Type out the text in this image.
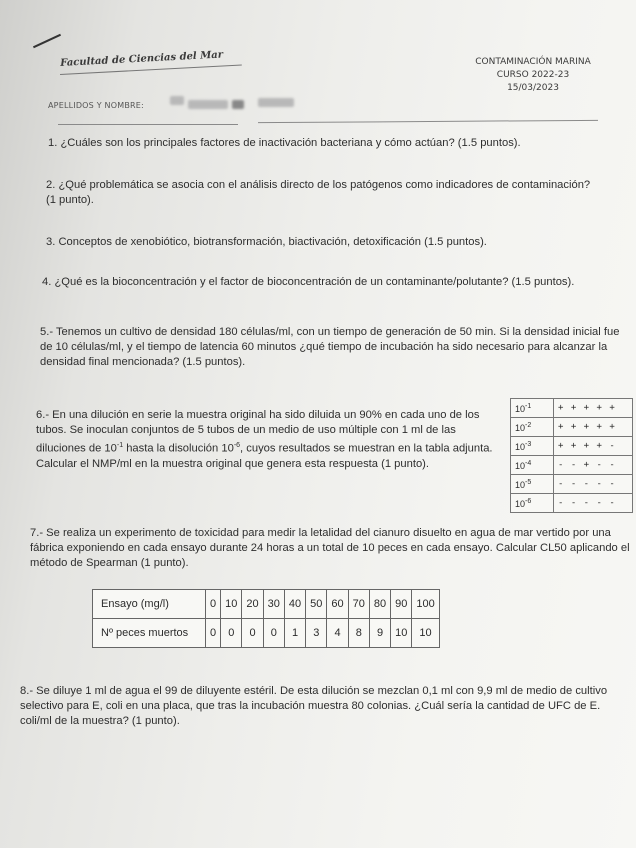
Facultad de Ciencias del Mar	CONTAMINACIÓN MARINA
CURSO 2022-23
15/03/2023
APELLIDOS Y NOMBRE:
1. ¿Cuáles son los principales factores de inactivación bacteriana y cómo actúan? (1.5 puntos).
2. ¿Qué problemática se asocia con el análisis directo de los patógenos como indicadores de contaminación? (1 punto).
3. Conceptos de xenobiótico, biotransformación, biactivación, detoxificación (1.5 puntos).
4. ¿Qué es la bioconcentración y el factor de bioconcentración de un contaminante/polutante? (1.5 puntos).
5.- Tenemos un cultivo de densidad 180 células/ml, con un tiempo de generación de 50 min. Si la densidad inicial fue de 10 células/ml, y el tiempo de latencia 60 minutos ¿qué tiempo de incubación ha sido necesario para alcanzar la densidad final mencionada? (1.5 puntos).
6.- En una dilución en serie la muestra original ha sido diluida un 90% en cada uno de los tubos. Se inoculan conjuntos de 5 tubos de un medio de uso múltiple con 1 ml de las diluciones de $10^{-1}$ hasta la disolución $10^{-6}$, cuyos resultados se muestran en la tabla adjunta. Calcular el NMP/ml en la muestra original que genera esta respuesta (1 punto).
$10^{-1}$	+ + + + +
$10^{-2}$	+ + + + +
$10^{-3}$	+ + + + -
$10^{-4}$	- - + - -
$10^{-5}$	- - - - -
$10^{-6}$	- - - - -
7.- Se realiza un experimento de toxicidad para medir la letalidad del cianuro disuelto en agua de mar vertido por una fábrica exponiendo en cada ensayo durante 24 horas a un total de 10 peces en cada ensayo. Calcular CL50 aplicando el método de Spearman (1 punto).
Ensayo (mg/l)	0	10	20	30	40	50	60	70	80	90	100
Nº peces muertos	0	0	0	0	1	3	4	8	9	10	10
8.- Se diluye 1 ml de agua el 99 de diluyente estéril. De esta dilución se mezclan 0,1 ml con 9,9 ml de medio de cultivo selectivo para E, coli en una placa, que tras la incubación muestra 80 colonias. ¿Cuál sería la cantidad de UFC de E. coli/ml de la muestra? (1 punto).
